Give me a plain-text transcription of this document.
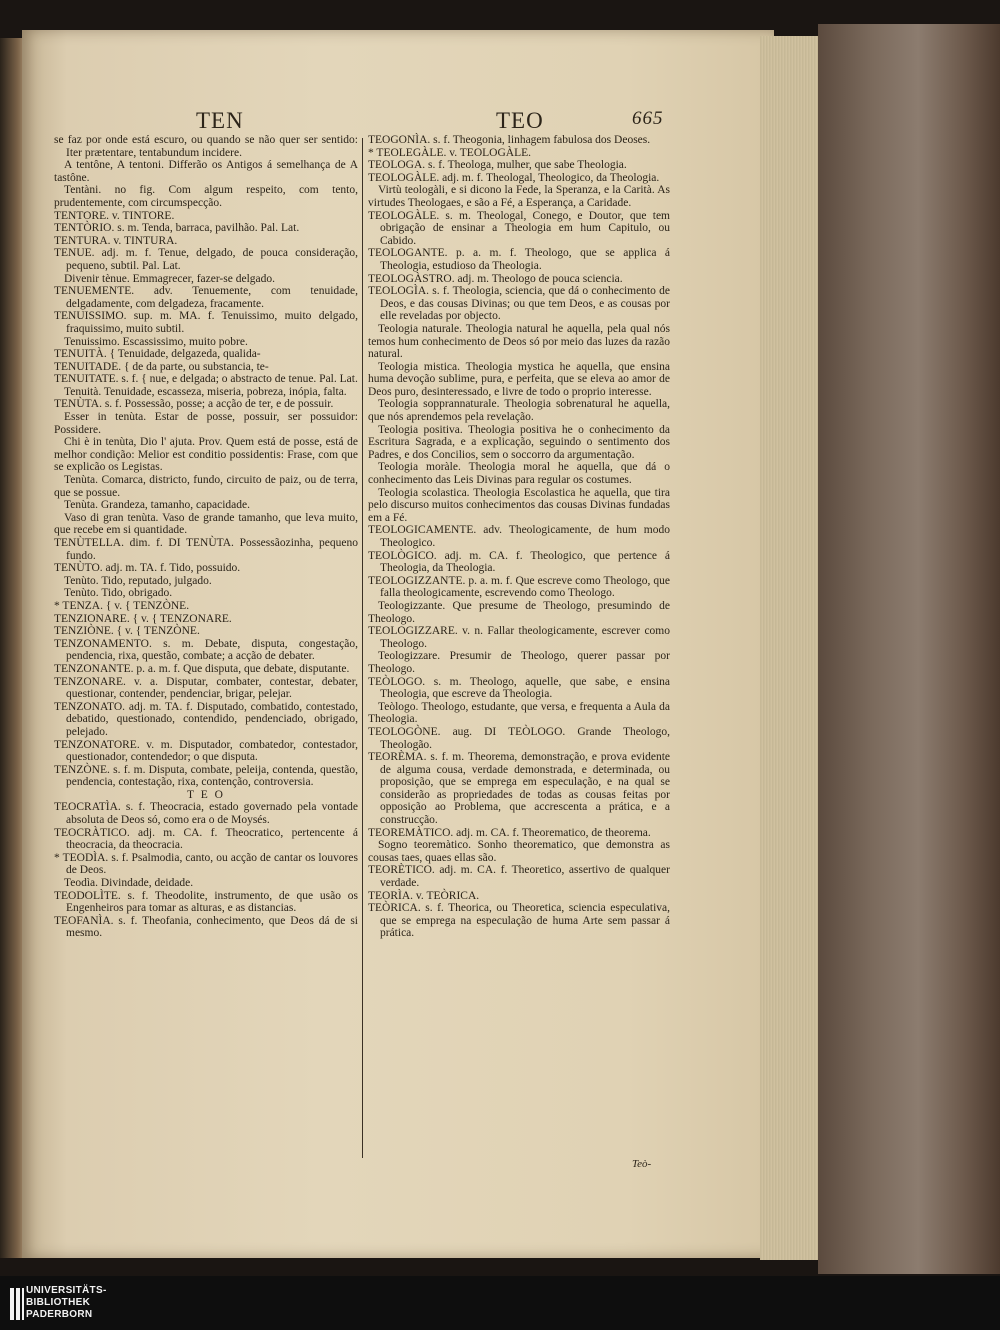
TEN	TEO	665

se faz por onde está escuro, ou quando se não quer ser sentido: Iter prætentare, tentabundum incidere.

A tentône, A tentoni. Differão os Antigos á semelhança de A tastône.

Tentàni. no fig. Com algum respeito, com tento, prudentemente, com circumspecção.

TENTORE. v. TINTORE.

TENTÒRIO. s. m. Tenda, barraca, pavilhão. Pal. Lat.

TENTURA. v. TINTURA.

TENUE. adj. m. f. Tenue, delgado, de pouca consideração, pequeno, subtil. Pal. Lat.

Divenir tènue. Emmagrecer, fazer-se delgado.

TENUEMENTE. adv. Tenuemente, com tenuidade, delgadamente, com delgadeza, fracamente.

TENUISSIMO. sup. m. MA. f. Tenuissimo, muito delgado, fraquissimo, muito subtil.

Tenuissimo. Escassissimo, muito pobre.

TENUITÀ. { Tenuidade, delgazeda, qualida-

TENUITADE. { de da parte, ou substancia, te-

TENUITATE. s. f. { nue, e delgada; o abstracto de tenue. Pal. Lat.

Tenuità. Tenuidade, escasseza, miseria, pobreza, inópia, falta.

TENÙTA. s. f. Possessão, posse; a acção de ter, e de possuir.

Esser in tenùta. Estar de posse, possuir, ser possuidor: Possidere.

Chi è in tenùta, Dio l' ajuta. Prov. Quem está de posse, está de melhor condição: Melior est conditio possidentis: Frase, com que se explicão os Legistas.

Tenùta. Comarca, districto, fundo, circuito de paiz, ou de terra, que se possue.

Tenùta. Grandeza, tamanho, capacidade.

Vaso di gran tenùta. Vaso de grande tamanho, que leva muito, que recebe em si quantidade.

TENÙTELLA. dim. f. DI TENÙTA. Possessãozinha, pequeno fundo.

TENÙTO. adj. m. TA. f. Tido, possuido.

Tenùto. Tido, reputado, julgado.

Tenùto. Tido, obrigado.

* TENZA. { v. { TENZÒNE.

TENZIONARE. { v. { TENZONARE.

TENZIÒNE. { v. { TENZÒNE.

TENZONAMENTO. s. m. Debate, disputa, congestação, pendencia, rixa, questão, combate; a acção de debater.

TENZONANTE. p. a. m. f. Que disputa, que debate, disputante.

TENZONARE. v. a. Disputar, combater, contestar, debater, questionar, contender, pendenciar, brigar, pelejar.

TENZONATO. adj. m. TA. f. Disputado, combatido, contestado, debatido, questionado, contendido, pendenciado, obrigado, pelejado.

TENZONATORE. v. m. Disputador, combatedor, contestador, questionador, contendedor; o que disputa.

TENZÒNE. s. f. m. Disputa, combate, peleija, contenda, questão, pendencia, contestação, rixa, contenção, controversia.

T E O

TEOCRATÌA. s. f. Theocracia, estado governado pela vontade absoluta de Deos só, como era o de Moysés.

TEOCRÀTICO. adj. m. CA. f. Theocratico, pertencente á theocracia, da theocracia.

* TEODÌA. s. f. Psalmodia, canto, ou acção de cantar os louvores de Deos.

Teodìa. Divindade, deidade.

TEODOLÌTE. s. f. Theodolite, instrumento, de que usão os Engenheiros para tomar as alturas, e as distancias.

TEOFANÌA. s. f. Theofania, conhecimento, que Deos dá de si mesmo.

TEOGONÌA. s. f. Theogonia, linhagem fabulosa dos Deoses.

* TEOLEGÀLE. v. TEOLOGÀLE.

TEOLOGA. s. f. Theologa, mulher, que sabe Theologia.

TEOLOGÀLE. adj. m. f. Theologal, Theologico, da Theologia.

Virtù teologàli, e si dicono la Fede, la Speranza, e la Carità. As virtudes Theologaes, e são a Fé, a Esperança, a Caridade.

TEOLOGÀLE. s. m. Theologal, Conego, e Doutor, que tem obrigação de ensinar a Theologia em hum Capitulo, ou Cabido.

TEOLOGANTE. p. a. m. f. Theologo, que se applica á Theologia, estudioso da Theologia.

TEOLOGÀSTRO. adj. m. Theologo de pouca sciencia.

TEOLOGÌA. s. f. Theologia, sciencia, que dá o conhecimento de Deos, e das cousas Divinas; ou que tem Deos, e as cousas por elle reveladas por objecto.

Teologia naturale. Theologia natural he aquella, pela qual nós temos hum conhecimento de Deos só por meio das luzes da razão natural.

Teologia mistica. Theologia mystica he aquella, que ensina huma devoção sublime, pura, e perfeita, que se eleva ao amor de Deos puro, desinteressado, e livre de todo o proprio interesse.

Teologia sopprannaturale. Theologia sobrenatural he aquella, que nós aprendemos pela revelação.

Teologia positiva. Theologia positiva he o conhecimento da Escritura Sagrada, e a explicação, seguindo o sentimento dos Padres, e dos Concilios, sem o soccorro da argumentação.

Teologia moràle. Theologia moral he aquella, que dá o conhecimento das Leis Divinas para regular os costumes.

Teologia scolastica. Theologia Escolastica he aquella, que tira pelo discurso muitos conhecimentos das cousas Divinas fundadas em a Fé.

TEOLOGICAMENTE. adv. Theologicamente, de hum modo Theologico.

TEOLÒGICO. adj. m. CA. f. Theologico, que pertence á Theologia, da Theologia.

TEOLOGIZZANTE. p. a. m. f. Que escreve como Theologo, que falla theologicamente, escrevendo como Theologo.

Teologizzante. Que presume de Theologo, presumindo de Theologo.

TEOLOGIZZARE. v. n. Fallar theologicamente, escrever como Theologo.

Teologizzare. Presumir de Theologo, querer passar por Theologo.

TEÒLOGO. s. m. Theologo, aquelle, que sabe, e ensina Theologia, que escreve da Theologia.

Teòlogo. Theologo, estudante, que versa, e frequenta a Aula da Theologia.

TEOLOGÒNE. aug. DI TEÒLOGO. Grande Theologo, Theologão.

TEORÈMA. s. f. m. Theorema, demonstração, e prova evidente de alguma cousa, verdade demonstrada, e determinada, ou proposição, que se emprega em especulação, e na qual se considerão as propriedades de todas as cousas feitas por opposição ao Problema, que accrescenta a prática, e a construcção.

TEOREMÀTICO. adj. m. CA. f. Theorematico, de theorema.

Sogno teoremàtico. Sonho theorematico, que demonstra as cousas taes, quaes ellas são.

TEORÈTICO. adj. m. CA. f. Theoretico, assertivo de qualquer verdade.

TEORÌA. v. TEÒRICA.

TEÒRICA. s. f. Theorica, ou Theoretica, sciencia especulativa, que se emprega na especulação de huma Arte sem passar á prática.

Teò-
UNIVERSITÄTS-
BIBLIOTHEK
PADERBORN
